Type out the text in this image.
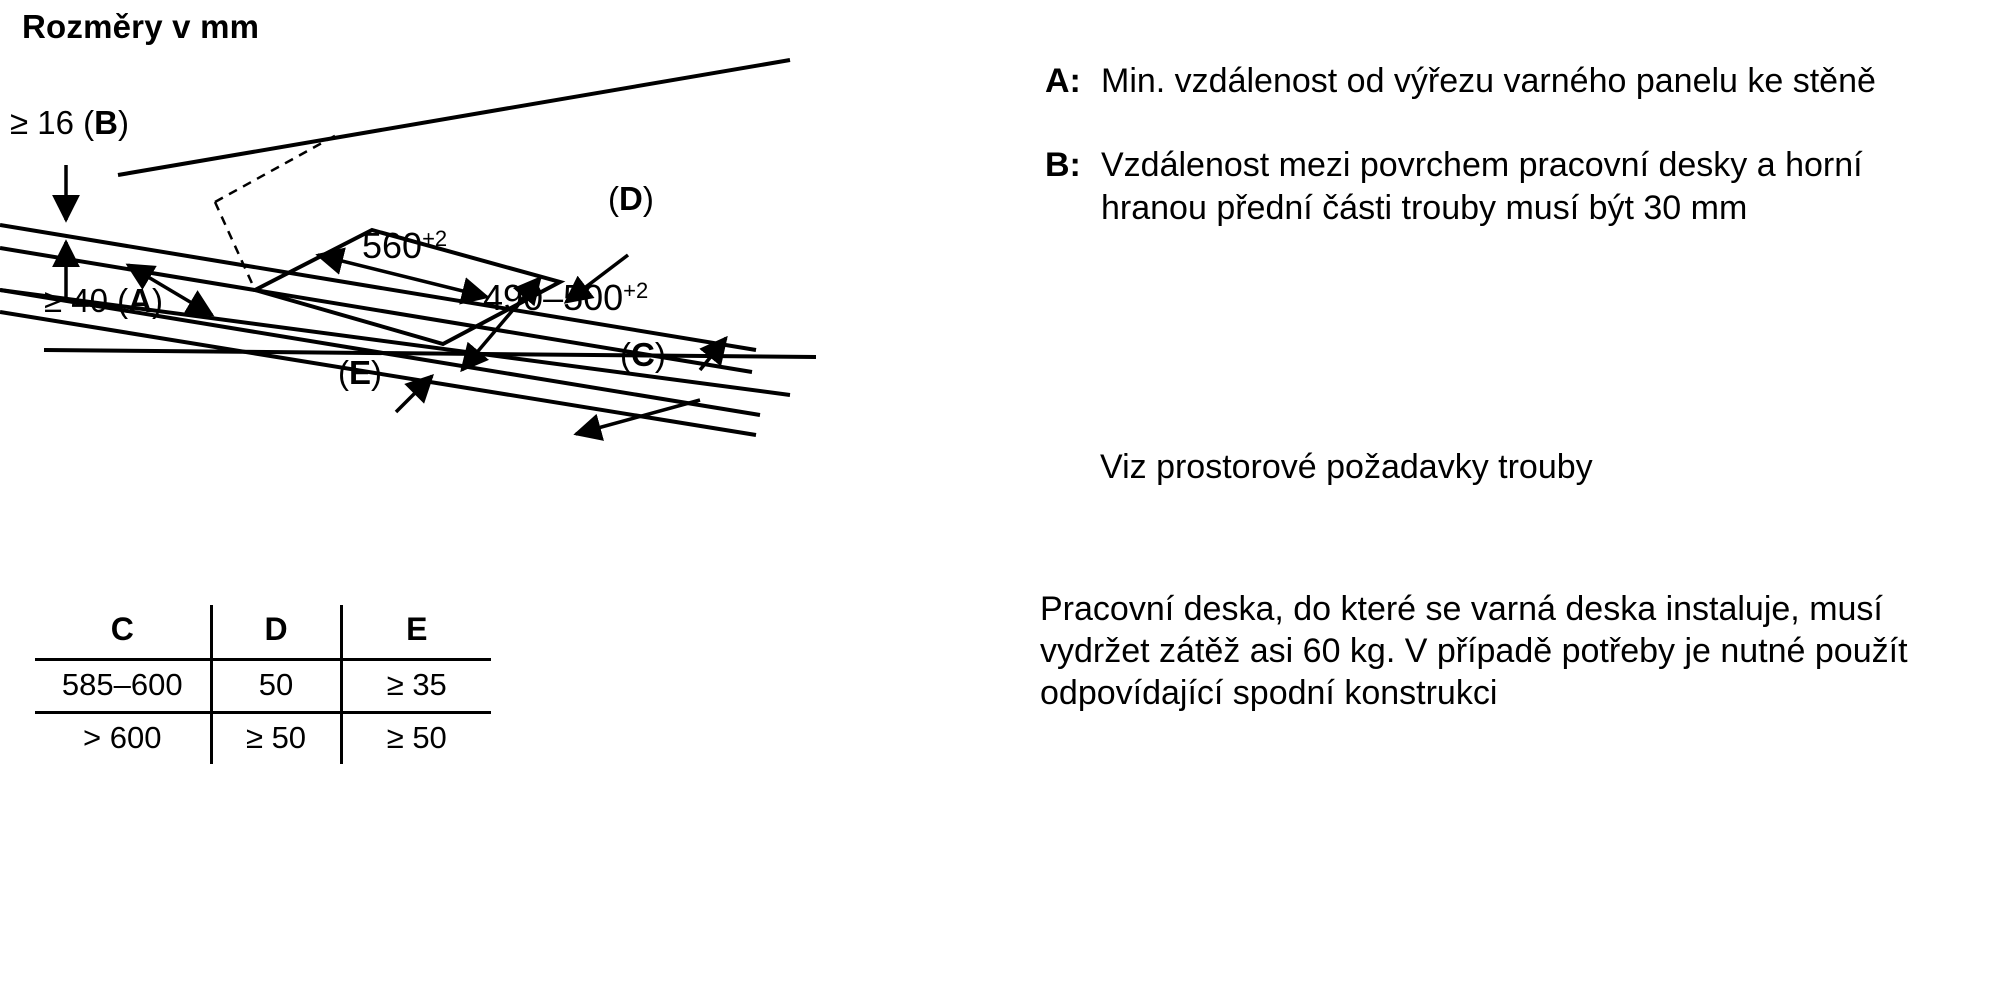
Rozměry v mm
≥ 16 (B)
≥ 40 (A)
(D)
(C)
(E)
$560^{+2}$
$490-500^{+2}$
C	D	E
585–600	50	≥ 35
> 600	≥ 50	≥ 50
A: Min. vzdálenost od výřezu varného panelu ke stěně
B: Vzdálenost mezi povrchem pracovní desky a horní hranou přední části trouby musí být 30 mm
Viz prostorové požadavky trouby
Pracovní deska, do které se varná deska instaluje, musí vydržet zátěž asi 60 kg. V případě potřeby je nutné použít odpovídající spodní konstrukci
